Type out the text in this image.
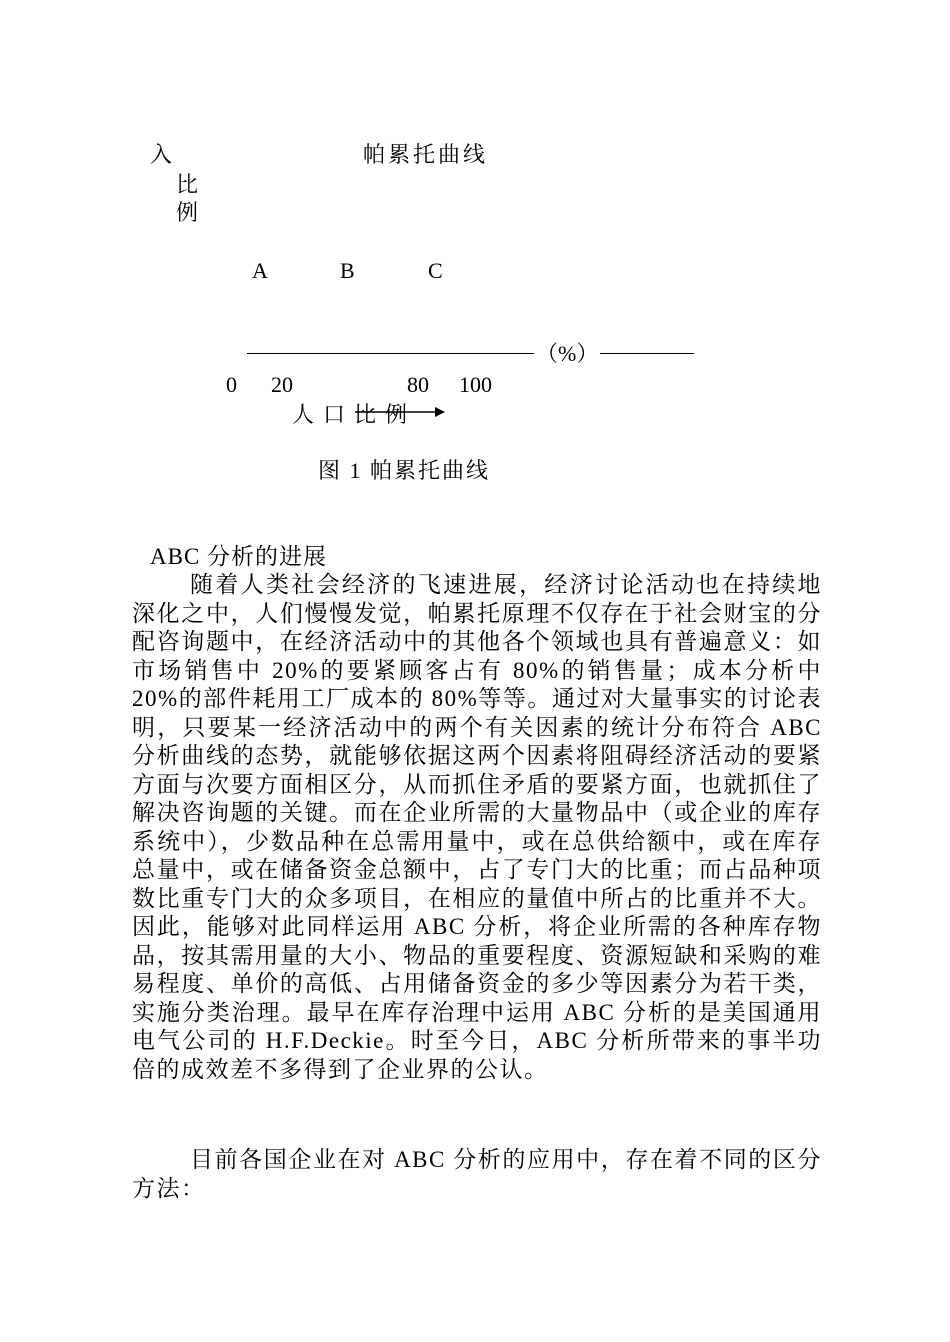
入
比
例
帕累托曲线
A	B	C
（%）
0 20	80 100
人口比例
图 1 帕累托曲线
ABC 分析的进展

随着人类社会经济的飞速进展，经济讨论活动也在持续地深化之中，人们慢慢发觉，帕累托原理不仅存在于社会财宝的分配咨询题中，在经济活动中的其他各个领域也具有普遍意义：如市场销售中 20%的要紧顾客占有 80%的销售量；成本分析中 20%的部件耗用工厂成本的 80%等等。通过对大量事实的讨论表明，只要某一经济活动中的两个有关因素的统计分布符合 ABC 分析曲线的态势，就能够依据这两个因素将阻碍经济活动的要紧方面与次要方面相区分，从而抓住矛盾的要紧方面，也就抓住了解决咨询题的关键。而在企业所需的大量物品中（或企业的库存系统中），少数品种在总需用量中，或在总供给额中，或在库存总量中，或在储备资金总额中，占了专门大的比重；而占品种项数比重专门大的众多项目，在相应的量值中所占的比重并不大。因此，能够对此同样运用 ABC 分析，将企业所需的各种库存物品，按其需用量的大小、物品的重要程度、资源短缺和采购的难易程度、单价的高低、占用储备资金的多少等因素分为若干类，实施分类治理。最早在库存治理中运用 ABC 分析的是美国通用电气公司的 H.F.Deckie。时至今日，ABC 分析所带来的事半功倍的成效差不多得到了企业界的公认。

目前各国企业在对 ABC 分析的应用中，存在着不同的区分方法：
